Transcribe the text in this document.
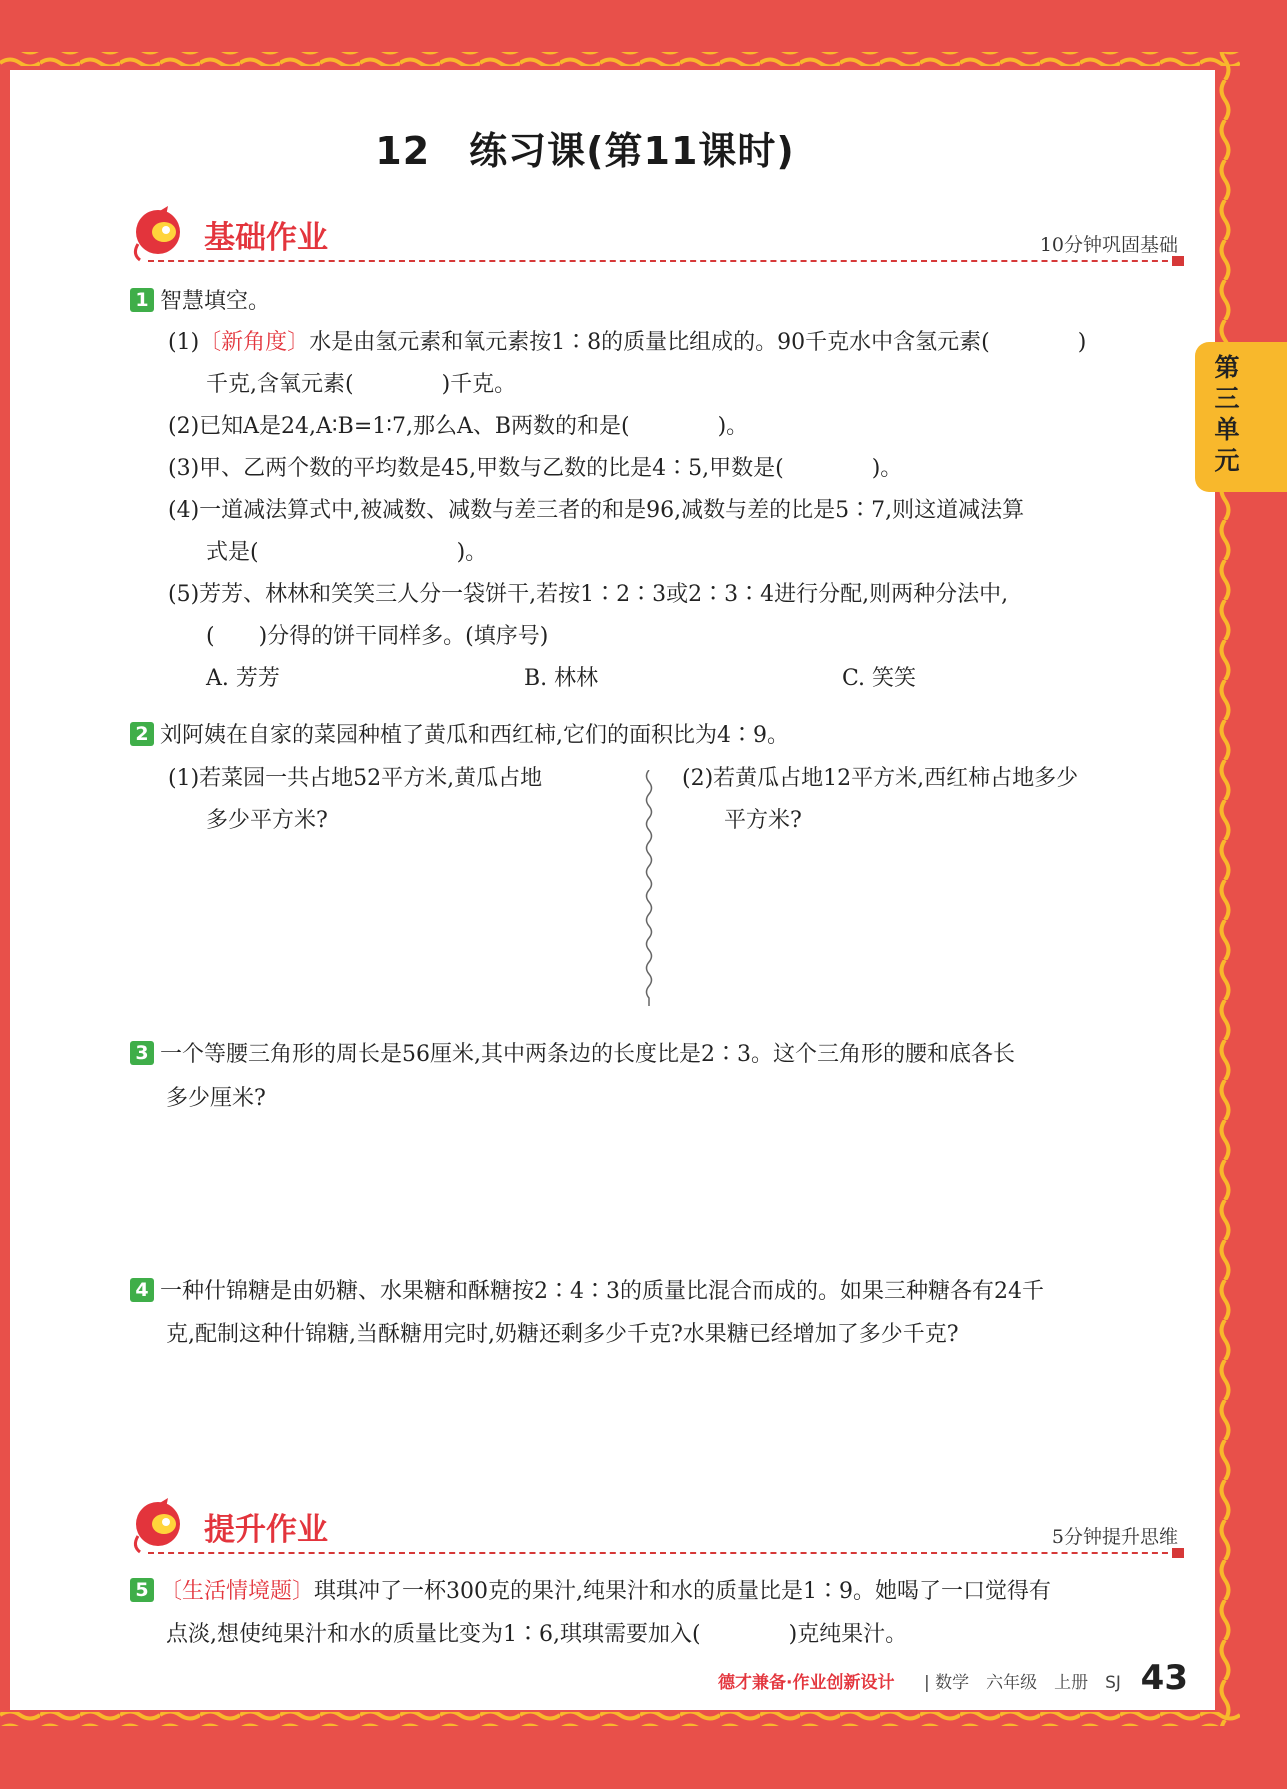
12　练习课(第11课时)
第三单元
基础作业	10分钟巩固基础
1 智慧填空。
(1)〔新角度〕水是由氢元素和氧元素按1∶8的质量比组成的。90千克水中含氢元素(　　　　)
千克,含氧元素(　　　　)千克。
(2)已知A是24,A∶B=1∶7,那么A、B两数的和是(　　　　)。
(3)甲、乙两个数的平均数是45,甲数与乙数的比是4∶5,甲数是(　　　　)。
(4)一道减法算式中,被减数、减数与差三者的和是96,减数与差的比是5∶7,则这道减法算
式是(　　　　　　　　　)。
(5)芳芳、林林和笑笑三人分一袋饼干,若按1∶2∶3或2∶3∶4进行分配,则两种分法中,
(　　)分得的饼干同样多。(填序号)
A. 芳芳	B. 林林	C. 笑笑
2 刘阿姨在自家的菜园种植了黄瓜和西红柿,它们的面积比为4∶9。
(1)若菜园一共占地52平方米,黄瓜占地
多少平方米?
(2)若黄瓜占地12平方米,西红柿占地多少
平方米?
3 一个等腰三角形的周长是56厘米,其中两条边的长度比是2∶3。这个三角形的腰和底各长
多少厘米?
4 一种什锦糖是由奶糖、水果糖和酥糖按2∶4∶3的质量比混合而成的。如果三种糖各有24千
克,配制这种什锦糖,当酥糖用完时,奶糖还剩多少千克?水果糖已经增加了多少千克?
提升作业	5分钟提升思维
5 〔生活情境题〕琪琪冲了一杯300克的果汁,纯果汁和水的质量比是1∶9。她喝了一口觉得有
点淡,想使纯果汁和水的质量比变为1∶6,琪琪需要加入(　　　　)克纯果汁。
德才兼备·作业创新设计 | 数学　六年级　上册　SJ 43
